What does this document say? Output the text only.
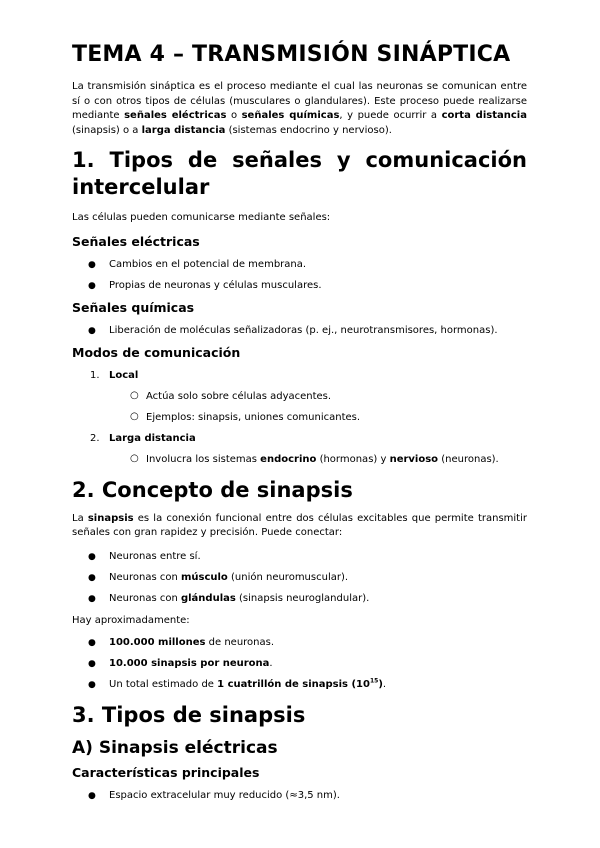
TEMA 4 – TRANSMISIÓN SINÁPTICA

La transmisión sináptica es el proceso mediante el cual las neuronas se comunican entre sí o con otros tipos de células (musculares o glandulares). Este proceso puede realizarse mediante señales eléctricas o señales químicas, y puede ocurrir a corta distancia (sinapsis) o a larga distancia (sistemas endocrino y nervioso).

1. Tipos de señales y comunicación
intercelular

Las células pueden comunicarse mediante señales:

Señales eléctricas
● Cambios en el potencial de membrana.
● Propias de neuronas y células musculares.
Señales químicas
● Liberación de moléculas señalizadoras (p. ej., neurotransmisores, hormonas).
Modos de comunicación
1. Local
○ Actúa solo sobre células adyacentes.
○ Ejemplos: sinapsis, uniones comunicantes.
2. Larga distancia
○ Involucra los sistemas endocrino (hormonas) y nervioso (neuronas).
2. Concepto de sinapsis

La sinapsis es la conexión funcional entre dos células excitables que permite transmitir señales con gran rapidez y precisión. Puede conectar:

● Neuronas entre sí.
● Neuronas con músculo (unión neuromuscular).
● Neuronas con glándulas (sinapsis neuroglandular).

Hay aproximadamente:

● 100.000 millones de neuronas.
● 10.000 sinapsis por neurona.
● Un total estimado de 1 cuatrillón de sinapsis $(10^{15})$.
3. Tipos de sinapsis
A) Sinapsis eléctricas
Características principales
● Espacio extracelular muy reducido (≈3,5 nm).
